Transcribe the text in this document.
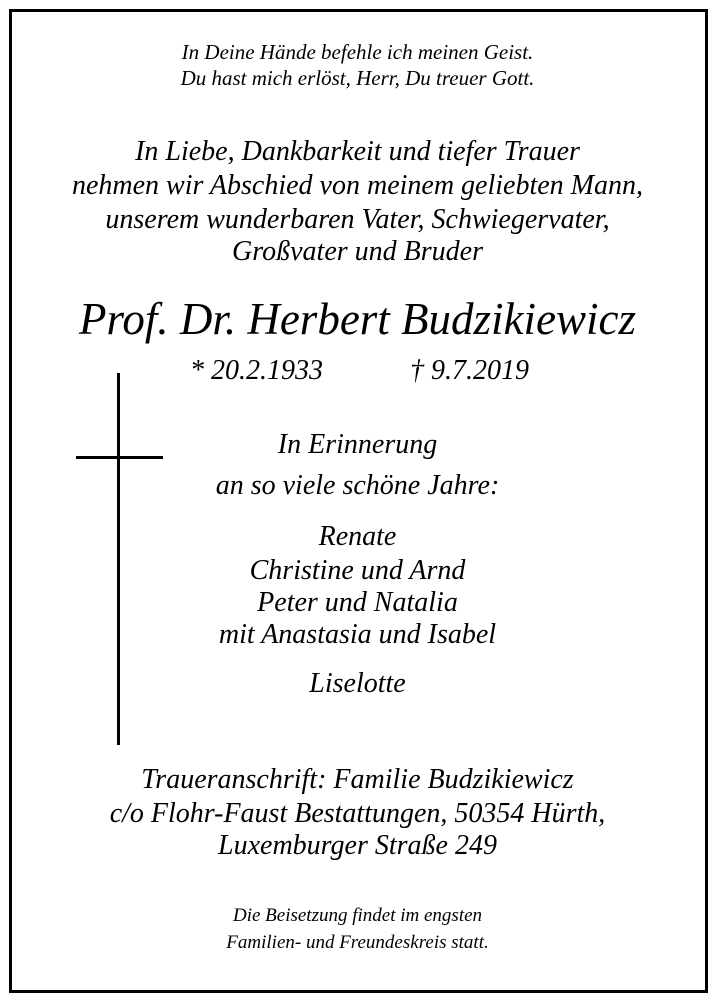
In Deine Hände befehle ich meinen Geist.
Du hast mich erlöst, Herr, Du treuer Gott.
In Liebe, Dankbarkeit und tiefer Trauer
nehmen wir Abschied von meinem geliebten Mann,
unserem wunderbaren Vater, Schwiegervater,
Großvater und Bruder
Prof. Dr. Herbert Budzikiewicz
* 20.2.1933	† 9.7.2019
In Erinnerung
an so viele schöne Jahre:
Renate
Christine und Arnd
Peter und Natalia
mit Anastasia und Isabel
Liselotte
Traueranschrift: Familie Budzikiewicz
c/o Flohr-Faust Bestattungen, 50354 Hürth,
Luxemburger Straße 249
Die Beisetzung findet im engsten
Familien- und Freundeskreis statt.
